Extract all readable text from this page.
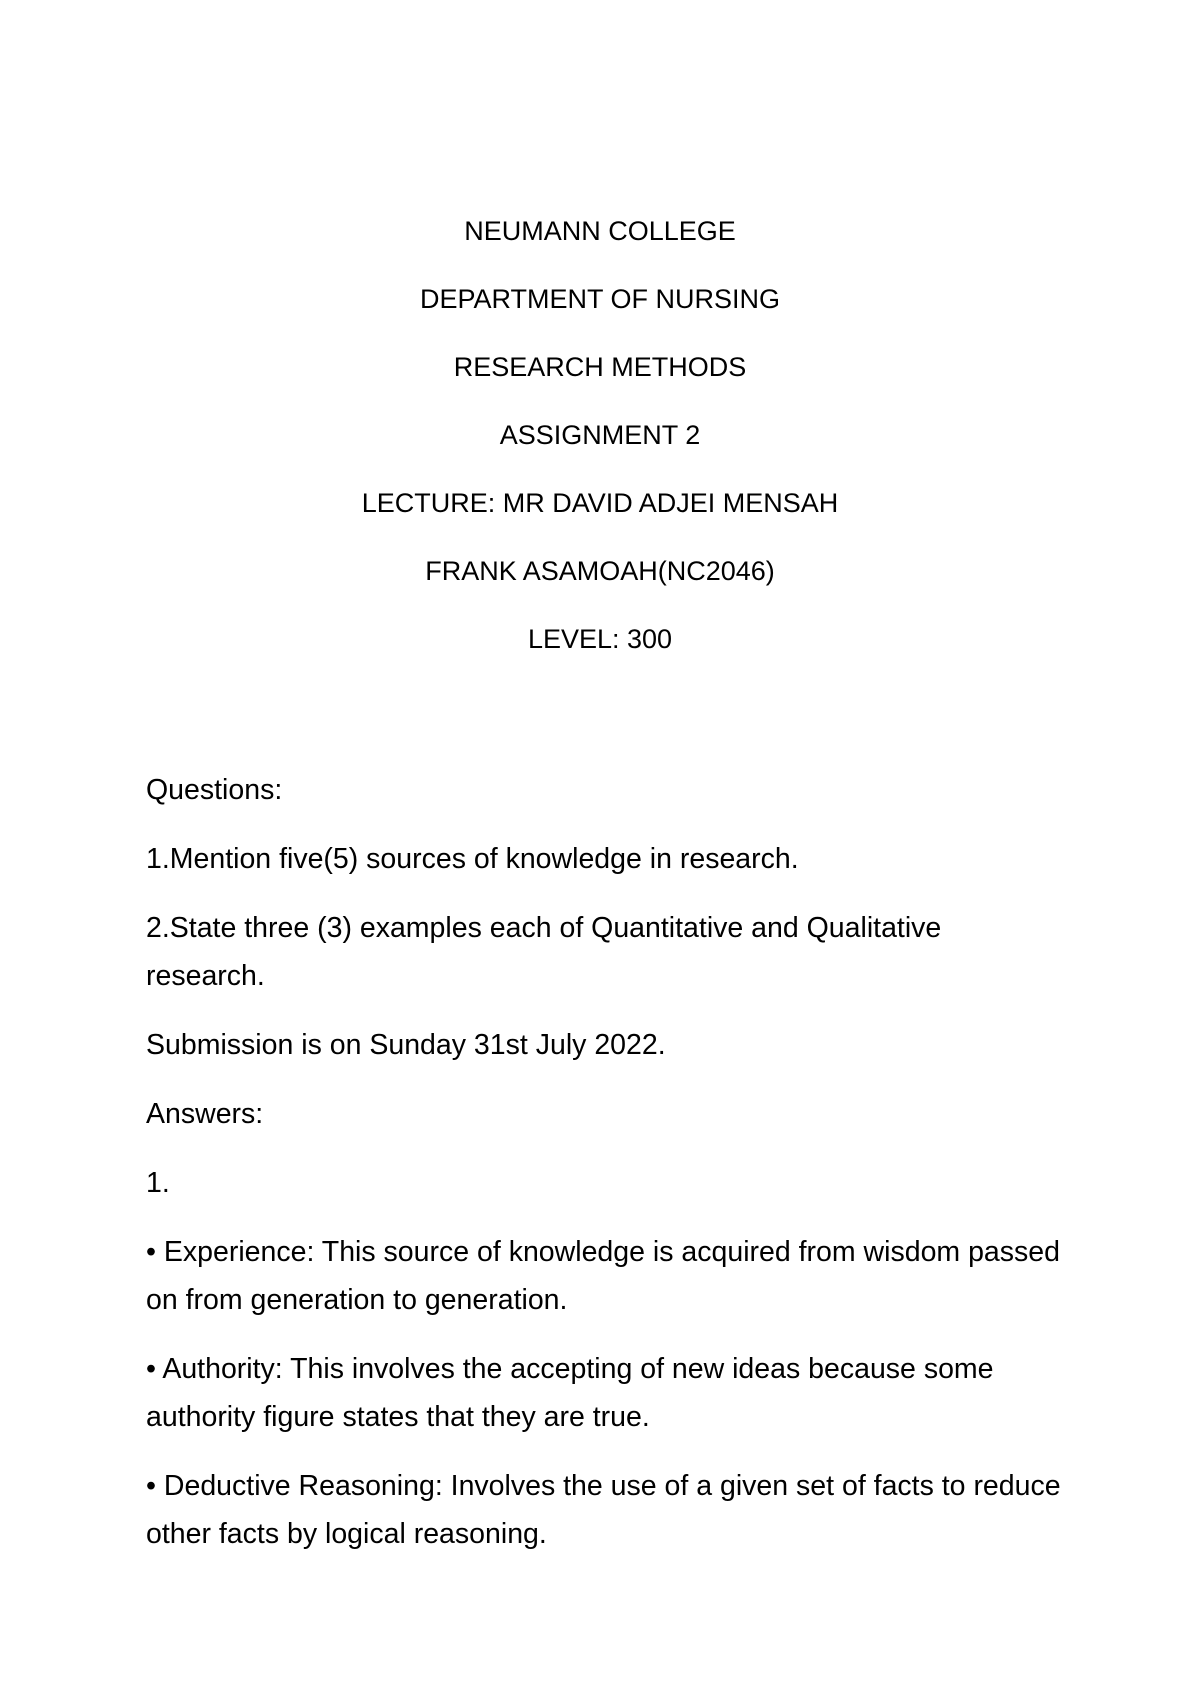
NEUMANN COLLEGE
DEPARTMENT OF NURSING
RESEARCH METHODS
ASSIGNMENT 2
LECTURE: MR DAVID ADJEI MENSAH
FRANK ASAMOAH(NC2046)
LEVEL: 300
Questions:
1.Mention five(5) sources of knowledge in research.
2.State three (3) examples each of Quantitative and Qualitative research.
Submission is on Sunday 31st July 2022.
Answers:
1.
• Experience: This source of knowledge is acquired from wisdom passed on from generation to generation.
• Authority: This involves the accepting of new ideas because some authority figure states that they are true.
• Deductive Reasoning: Involves the use of a given set of facts to reduce other facts by logical reasoning.
